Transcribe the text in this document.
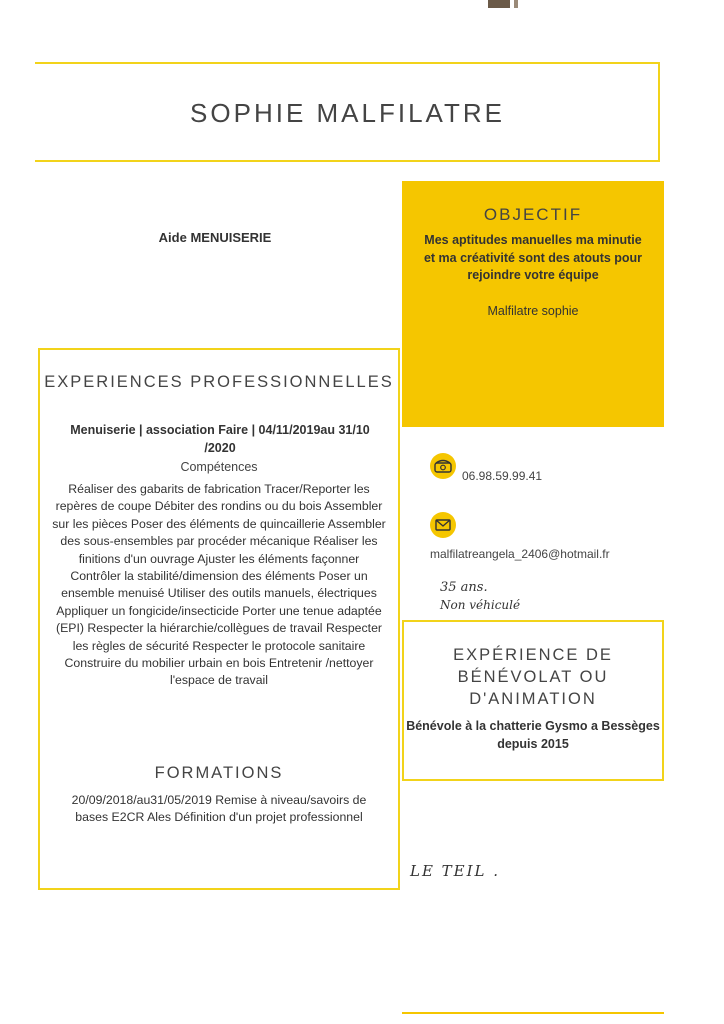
SOPHIE MALFILATRE
Aide MENUISERIE
OBJECTIF
Mes aptitudes manuelles ma minutie et ma créativité sont des atouts pour rejoindre votre équipe
Malfilatre sophie
06.98.59.99.41
malfilatreangela_2406@hotmail.fr
35 ans.
Non véhiculé
EXPÉRIENCE DE BÉNÉVOLAT OU D'ANIMATION
Bénévole à la chatterie Gysmo a Bessèges depuis 2015
LE TEIL .
EXPERIENCES PROFESSIONNELLES
Menuiserie | association Faire | 04/11/2019au 31/10 /2020
Compétences
Réaliser des gabarits de fabrication Tracer/Reporter les repères de coupe Débiter des rondins ou du bois Assembler sur les pièces Poser des éléments de quincaillerie Assembler des sous-ensembles par procéder mécanique Réaliser les finitions d'un ouvrage Ajuster les éléments façonner Contrôler la stabilité/dimension des éléments Poser un ensemble menuisé Utiliser des outils manuels, électriques Appliquer un fongicide/insecticide Porter une tenue adaptée (EPI) Respecter la hiérarchie/collègues de travail Respecter les règles de sécurité Respecter le protocole sanitaire Construire du mobilier urbain en bois Entretenir /nettoyer l'espace de travail
FORMATIONS
20/09/2018/au31/05/2019 Remise à niveau/savoirs de bases E2CR Ales Définition d'un projet professionnel
